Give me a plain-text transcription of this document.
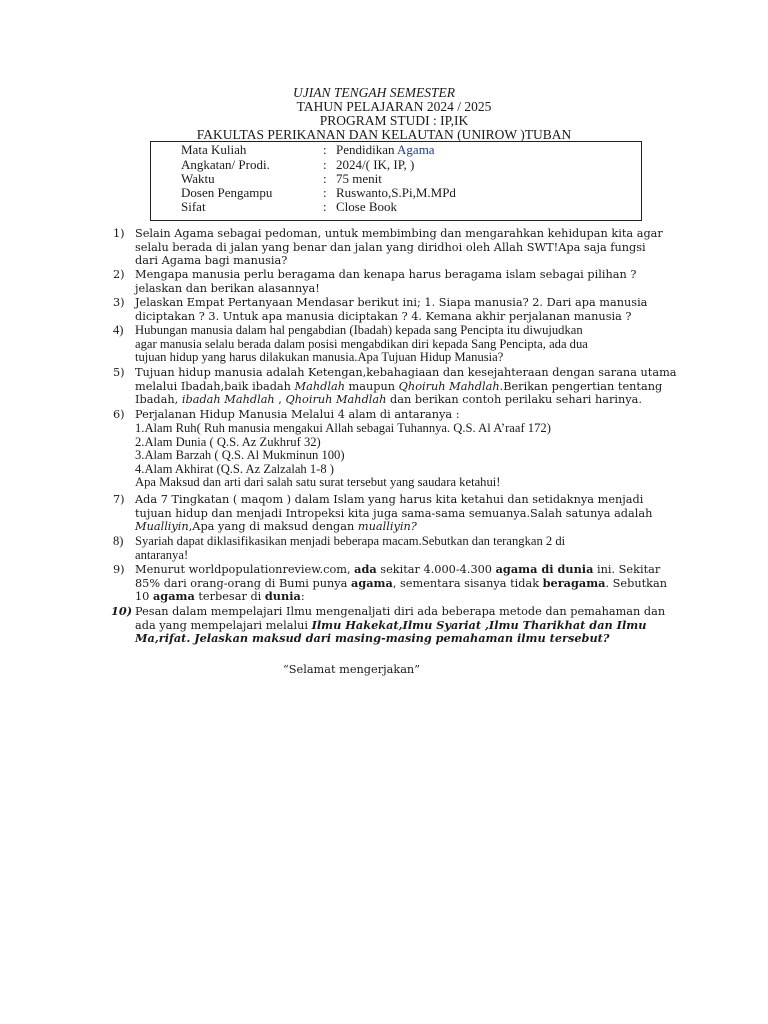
UJIAN TENGAH SEMESTER
TAHUN PELAJARAN 2024 / 2025
PROGRAM STUDI : IP,IK
FAKULTAS PERIKANAN DAN KELAUTAN (UNIROW )TUBAN
Mata Kuliah	: Pendidikan Agama
Angkatan/ Prodi.	: 2024/( IK, IP, )
Waktu	: 75 menit
Dosen Pengampu	: Ruswanto,S.Pi,M.MPd
Sifat	: Close Book
1) Selain Agama sebagai pedoman, untuk membimbing dan mengarahkan kehidupan kita agar
selalu berada di jalan yang benar dan jalan yang diridhoi oleh Allah SWT!Apa saja fungsi
dari Agama bagi manusia?
2) Mengapa manusia perlu beragama dan kenapa harus beragama islam sebagai pilihan ?
jelaskan dan berikan alasannya!
3) Jelaskan Empat Pertanyaan Mendasar berikut ini; 1. Siapa manusia? 2. Dari apa manusia
diciptakan ? 3. Untuk apa manusia diciptakan ? 4. Kemana akhir perjalanan manusia ?
4) Hubungan manusia dalam hal pengabdian (Ibadah) kepada sang Pencipta itu diwujudkan
agar manusia selalu berada dalam posisi mengabdikan diri kepada Sang Pencipta, ada dua
tujuan hidup yang harus dilakukan manusia.Apa Tujuan Hidup Manusia?
5) Tujuan hidup manusia adalah Ketengan,kebahagiaan dan kesejahteraan dengan sarana utama
melalui Ibadah,baik ibadah Mahdlah maupun Qhoiruh Mahdlah.Berikan pengertian tentang
Ibadah, ibadah Mahdlah , Qhoiruh Mahdlah dan berikan contoh perilaku sehari harinya.
6) Perjalanan Hidup Manusia Melalui 4 alam di antaranya :
1.Alam Ruh( Ruh manusia mengakui Allah sebagai Tuhannya. Q.S. Al A’raaf 172)
2.Alam Dunia ( Q.S. Az Zukhruf 32)
3.Alam Barzah ( Q.S. Al Mukminun 100)
4.Alam Akhirat (Q.S. Az Zalzalah 1-8 )
Apa Maksud dan arti dari salah satu surat tersebut yang saudara ketahui!
7) Ada 7 Tingkatan ( maqom ) dalam Islam yang harus kita ketahui dan setidaknya menjadi
tujuan hidup dan menjadi Intropeksi kita juga sama-sama semuanya.Salah satunya adalah
Mualliyin,Apa yang di maksud dengan mualliyin?
8) Syariah dapat diklasifikasikan menjadi beberapa macam.Sebutkan dan terangkan 2 di
antaranya!
9) Menurut worldpopulationreview.com, ada sekitar 4.000-4.300 agama di dunia ini. Sekitar
85% dari orang-orang di Bumi punya agama, sementara sisanya tidak beragama. Sebutkan
10 agama terbesar di dunia:
10) Pesan dalam mempelajari Ilmu mengenaljati diri ada beberapa metode dan pemahaman dan
ada yang mempelajari melalui Ilmu Hakekat,Ilmu Syariat ,Ilmu Tharikhat dan Ilmu
Ma,rifat. Jelaskan maksud dari masing-masing pemahaman ilmu tersebut?
“Selamat mengerjakan”
